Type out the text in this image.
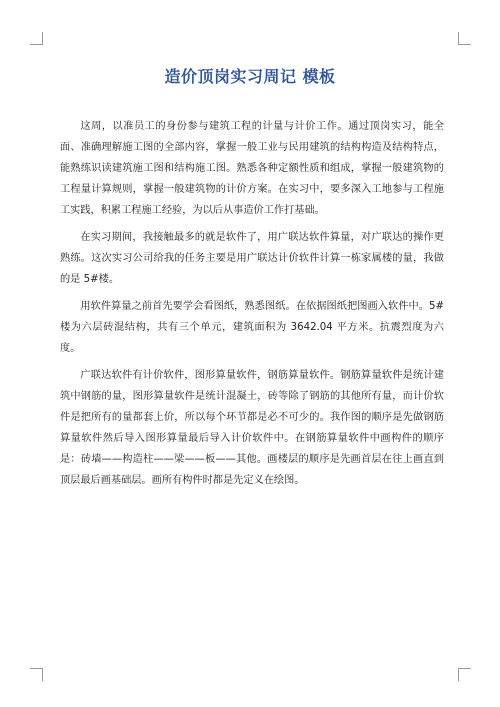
造价顶岗实习周记 模板

这周，以准员工的身份参与建筑工程的计量与计价工作。通过顶岗实习，能全面、准确理解施工图的全部内容，掌握一般工业与民用建筑的结构构造及结构特点，能熟练识读建筑施工图和结构施工图。熟悉各种定额性质和组成，掌握一般建筑物的工程量计算规则，掌握一般建筑物的计价方案。在实习中，要多深入工地参与工程施工实践，积累工程施工经验，为以后从事造价工作打基础。

在实习期间，我接触最多的就是软件了，用广联达软件算量，对广联达的操作更熟练。这次实习公司给我的任务主要是用广联达计价软件计算一栋家属楼的量，我做的是 5#楼。

用软件算量之前首先要学会看图纸，熟悉图纸。在依据图纸把图画入软件中。5#楼为六层砖混结构，共有三个单元，建筑面积为 3642.04 平方米。抗震烈度为六度。

广联达软件有计价软件，图形算量软件，钢筋算量软件。钢筋算量软件是统计建筑中钢筋的量，图形算量软件是统计混凝土，砖等除了钢筋的其他所有量，而计价软件是把所有的量都套上价，所以每个环节都是必不可少的。我作图的顺序是先做钢筋算量软件然后导入图形算量最后导入计价软件中。在钢筋算量软件中画构件的顺序是：砖墙——构造柱——梁——板——其他。画楼层的顺序是先画首层在往上画直到顶层最后画基础层。画所有构件时都是先定义在绘图。
